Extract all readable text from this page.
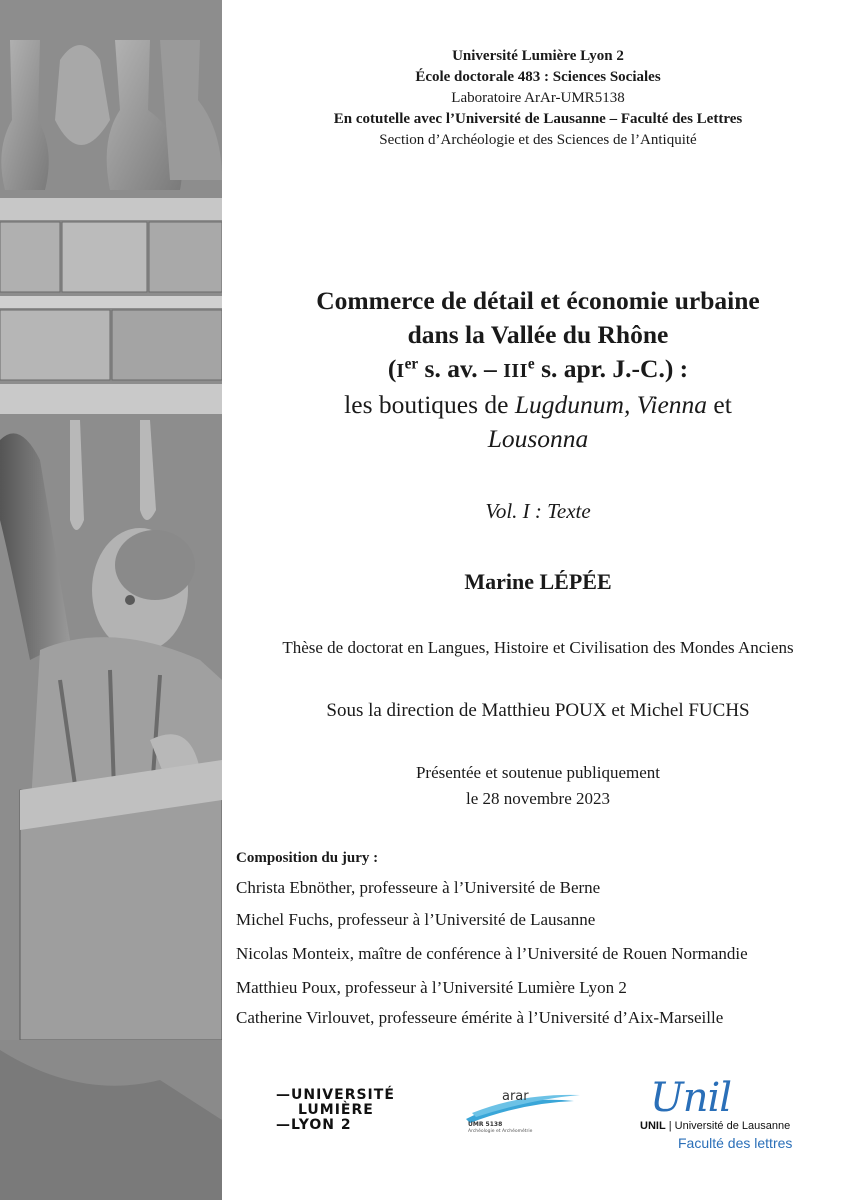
Université Lumière Lyon 2
École doctorale 483 : Sciences Sociales
Laboratoire ArAr-UMR5138
En cotutelle avec l’Université de Lausanne – Faculté des Lettres
Section d’Archéologie et des Sciences de l’Antiquité
Commerce de détail et économie urbaine
dans la Vallée du Rhône
(Ier s. av. – IIIe s. apr. J.-C.) :
les boutiques de Lugdunum, Vienna et
Lousonna
Vol. I : Texte
Marine LÉPÉE
Thèse de doctorat en Langues, Histoire et Civilisation des Mondes Anciens
Sous la direction de Matthieu POUX et Michel FUCHS
Présentée et soutenue publiquement
le 28 novembre 2023
Composition du jury :
Christa Ebnöther, professeure à l’Université de Berne
Michel Fuchs, professeur à l’Université de Lausanne
Nicolas Monteix, maître de conférence à l’Université de Rouen Normandie
Matthieu Poux, professeur à l’Université Lumière Lyon 2
Catherine Virlouvet, professeure émérite à l’Université d’Aix-Marseille
—UNIVERSITÉ
LUMIÈRE
—LYON 2
arar
UMR 5138
Archéologie et Archéométrie
Unil
UNIL | Université de Lausanne
Faculté des lettres
